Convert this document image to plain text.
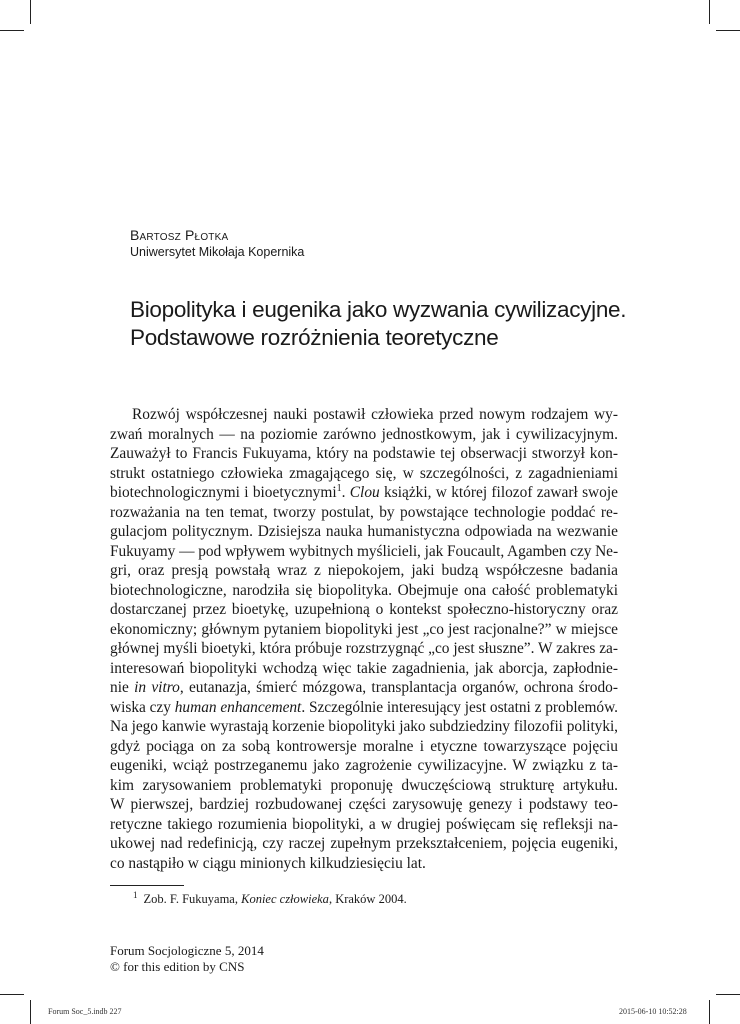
Bartosz Płotka
Uniwersytet Mikołaja Kopernika
Biopolityka i eugenika jako wyzwania cywilizacyjne.
Podstawowe rozróżnienia teoretyczne
Rozwój współczesnej nauki postawił człowieka przed nowym rodzajem wy-
zwań moralnych — na poziomie zarówno jednostkowym, jak i cywilizacyjnym.
Zauważył to Francis Fukuyama, który na podstawie tej obserwacji stworzył kon-
strukt ostatniego człowieka zmagającego się, w szczególności, z zagadnieniami
biotechnologicznymi i bioetycznymi$^1$. Clou książki, w której filozof zawarł swoje
rozważania na ten temat, tworzy postulat, by powstające technologie poddać re-
gulacjom politycznym. Dzisiejsza nauka humanistyczna odpowiada na wezwanie
Fukuyamy — pod wpływem wybitnych myślicieli, jak Foucault, Agamben czy Ne-
gri, oraz presją powstałą wraz z niepokojem, jaki budzą współczesne badania
biotechnologiczne, narodziła się biopolityka. Obejmuje ona całość problematyki
dostarczanej przez bioetykę, uzupełnioną o kontekst społeczno-historyczny oraz
ekonomiczny; głównym pytaniem biopolityki jest „co jest racjonalne?” w miejsce
głównej myśli bioetyki, która próbuje rozstrzygnąć „co jest słuszne”. W zakres za-
interesowań biopolityki wchodzą więc takie zagadnienia, jak aborcja, zapłodnie-
nie in vitro, eutanazja, śmierć mózgowa, transplantacja organów, ochrona środo-
wiska czy human enhancement. Szczególnie interesujący jest ostatni z problemów.
Na jego kanwie wyrastają korzenie biopolityki jako subdziedziny filozofii polityki,
gdyż pociąga on za sobą kontrowersje moralne i etyczne towarzyszące pojęciu
eugeniki, wciąż postrzeganemu jako zagrożenie cywilizacyjne. W związku z ta-
kim zarysowaniem problematyki proponuję dwuczęściową strukturę artykułu.
W pierwszej, bardziej rozbudowanej części zarysowuję genezy i podstawy teo-
retyczne takiego rozumienia biopolityki, a w drugiej poświęcam się refleksji na-
ukowej nad redefinicją, czy raczej zupełnym przekształceniem, pojęcia eugeniki,
co nastąpiło w ciągu minionych kilkudziesięciu lat.
$^1$ Zob. F. Fukuyama, Koniec człowieka, Kraków 2004.
Forum Socjologiczne 5, 2014
© for this edition by CNS
Forum Soc_5.indb 227	2015-06-10 10:52:28
